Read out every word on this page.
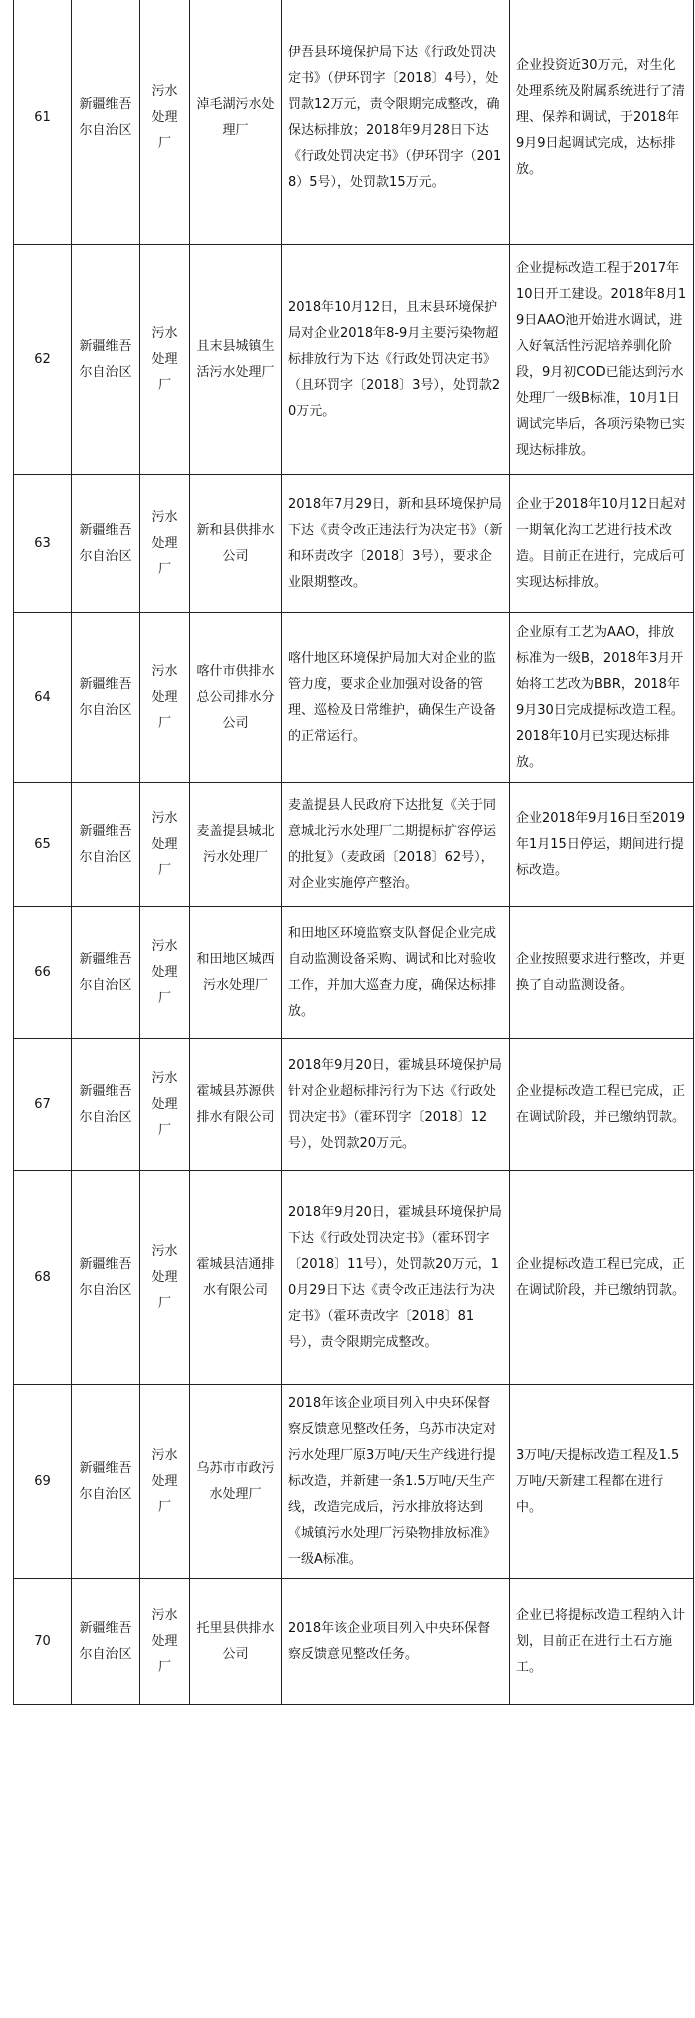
61	新疆维吾尔自治区	污水处理厂	淖毛湖污水处理厂	伊吾县环境保护局下达《行政处罚决定书》（伊环罚字〔2018〕4号），处罚款12万元，责令限期完成整改，确保达标排放；2018年9月28日下达《行政处罚决定书》（伊环罚字（2018）5号），处罚款15万元。	企业投资近30万元，对生化处理系统及附属系统进行了清理、保养和调试，于2018年9月9日起调试完成，达标排放。

62	新疆维吾尔自治区	污水处理厂	且末县城镇生活污水处理厂	2018年10月12日，且末县环境保护局对企业2018年8-9月主要污染物超标排放行为下达《行政处罚决定书》（且环罚字〔2018〕3号），处罚款20万元。	企业提标改造工程于2017年10日开工建设。2018年8月19日AAO池开始进水调试，进入好氧活性污泥培养驯化阶段，9月初COD已能达到污水处理厂一级B标准，10月1日调试完毕后，各项污染物已实现达标排放。

63	新疆维吾尔自治区	污水处理厂	新和县供排水公司	2018年7月29日，新和县环境保护局下达《责令改正违法行为决定书》（新和环责改字〔2018〕3号），要求企业限期整改。	企业于2018年10月12日起对一期氧化沟工艺进行技术改造。目前正在进行，完成后可实现达标排放。

64	新疆维吾尔自治区	污水处理厂	喀什市供排水总公司排水分公司	喀什地区环境保护局加大对企业的监管力度，要求企业加强对设备的管理、巡检及日常维护，确保生产设备的正常运行。	企业原有工艺为AAO，排放标准为一级B，2018年3月开始将工艺改为BBR，2018年9月30日完成提标改造工程。2018年10月已实现达标排放。

65	新疆维吾尔自治区	污水处理厂	麦盖提县城北污水处理厂	麦盖提县人民政府下达批复《关于同意城北污水处理厂二期提标扩容停运的批复》（麦政函〔2018〕62号），对企业实施停产整治。	企业2018年9月16日至2019年1月15日停运，期间进行提标改造。

66	新疆维吾尔自治区	污水处理厂	和田地区城西污水处理厂	和田地区环境监察支队督促企业完成自动监测设备采购、调试和比对验收工作，并加大巡查力度，确保达标排放。	企业按照要求进行整改，并更换了自动监测设备。

67	新疆维吾尔自治区	污水处理厂	霍城县苏源供排水有限公司	2018年9月20日，霍城县环境保护局针对企业超标排污行为下达《行政处罚决定书》（霍环罚字〔2018〕12号），处罚款20万元。	企业提标改造工程已完成，正在调试阶段，并已缴纳罚款。

68	新疆维吾尔自治区	污水处理厂	霍城县洁通排水有限公司	2018年9月20日，霍城县环境保护局下达《行政处罚决定书》（霍环罚字〔2018〕11号），处罚款20万元，10月29日下达《责令改正违法行为决定书》（霍环责改字〔2018〕81号），责令限期完成整改。	企业提标改造工程已完成，正在调试阶段，并已缴纳罚款。

69	新疆维吾尔自治区	污水处理厂	乌苏市市政污水处理厂	2018年该企业项目列入中央环保督察反馈意见整改任务，乌苏市决定对污水处理厂原3万吨/天生产线进行提标改造，并新建一条1.5万吨/天生产线，改造完成后，污水排放将达到《城镇污水处理厂污染物排放标准》一级A标准。	3万吨/天提标改造工程及1.5万吨/天新建工程都在进行中。

70	新疆维吾尔自治区	污水处理厂	托里县供排水公司	2018年该企业项目列入中央环保督察反馈意见整改任务。	企业已将提标改造工程纳入计划，目前正在进行土石方施工。
